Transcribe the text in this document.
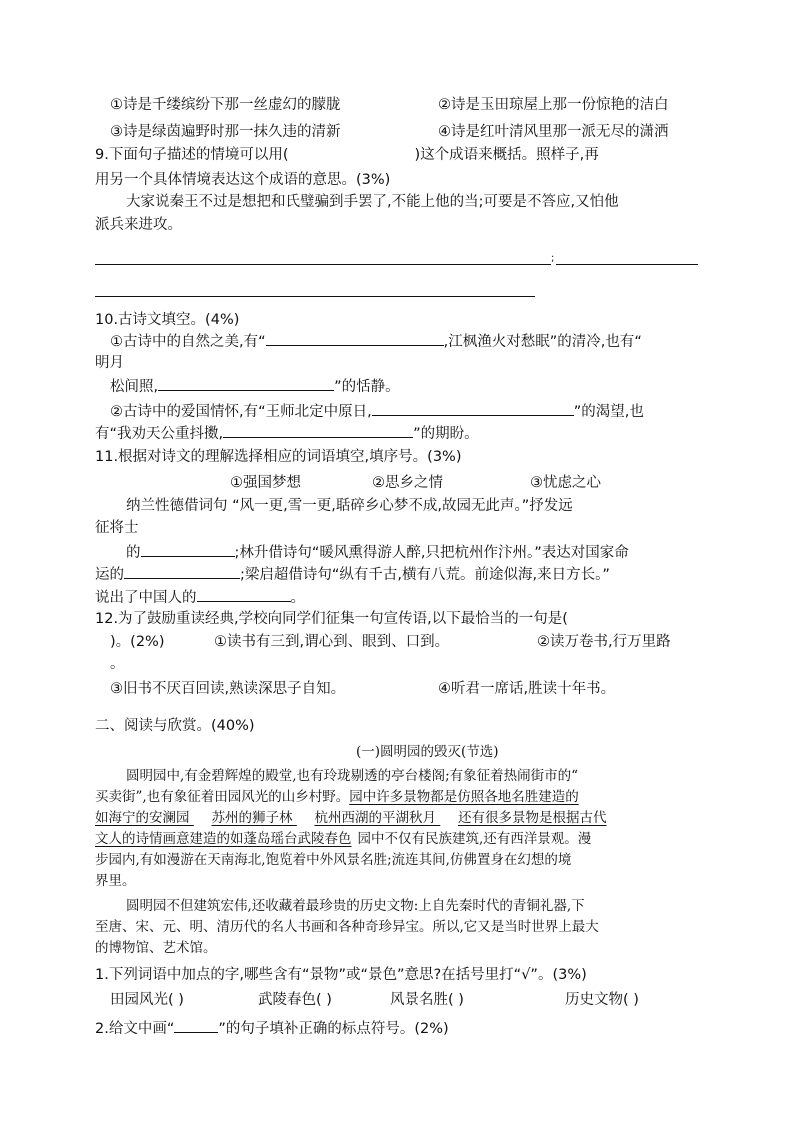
①诗是千缕缤纷下那一丝虚幻的朦胧	②诗是玉田琼屋上那一份惊艳的洁白
③诗是绿茵遍野时那一抹久违的清新	④诗是红叶清风里那一派无尽的潇洒
9.下面句子描述的情境可以用(	)这个成语来概括。照样子,再
用另一个具体情境表达这个成语的意思。(3%)
大家说秦王不过是想把和氏璧骗到手罢了,不能上他的当;可要是不答应,又怕他
派兵来进攻。
;
10.古诗文填空。(4%)
①古诗中的自然之美,有“	,江枫渔火对愁眠”的清冷,也有“
明月
松间照,	”的恬静。
②古诗中的爱国情怀,有“王师北定中原日,	”的渴望,也
有“我劝天公重抖擞,	”的期盼。
11.根据对诗文的理解选择相应的词语填空,填序号。(3%)
①强国梦想	②思乡之情	③忧虑之心
纳兰性德借词句 “风一更,雪一更,聒碎乡心梦不成,故园无此声。”抒发远
征将士
的	;林升借诗句“暖风熏得游人醉,只把杭州作汴州。”表达对国家命
运的	;梁启超借诗句“纵有千古,横有八荒。前途似海,来日方长。”
说出了中国人的	。
12.为了鼓励重读经典,学校向同学们征集一句宣传语,以下最恰当的一句是(
)。(2%)	①读书有三到,谓心到、眼到、口到。	②读万卷书,行万里路
。
③旧书不厌百回读,熟读深思子自知。	④听君一席话,胜读十年书。
二、阅读与欣赏。(40%)
(一)圆明园的毁灭(节选)
圆明园中,有金碧辉煌的殿堂,也有玲珑剔透的亭台楼阁;有象征着热闹街市的“
买卖街”,也有象征着田园风光的山乡村野。园中许多景物都是仿照各地名胜建造的
如海宁的安澜园 苏州的狮子林 杭州西湖的平湖秋月 还有很多景物是根据古代
文人的诗情画意建造的如蓬岛瑶台武陵春色 园中不仅有民族建筑,还有西洋景观。漫
步园内,有如漫游在天南海北,饱览着中外风景名胜;流连其间,仿佛置身在幻想的境
界里。
圆明园不但建筑宏伟,还收藏着最珍贵的历史文物:上自先秦时代的青铜礼器,下
至唐、宋、元、明、清历代的名人书画和各种奇珍异宝。所以,它又是当时世界上最大
的博物馆、艺术馆。
1.下列词语中加点的字,哪些含有“景物”或“景色”意思?在括号里打“√”。(3%)
田园风光( )	武陵春色( )	风景名胜( )	历史文物( )
2.给文中画“	”的句子填补正确的标点符号。(2%)
